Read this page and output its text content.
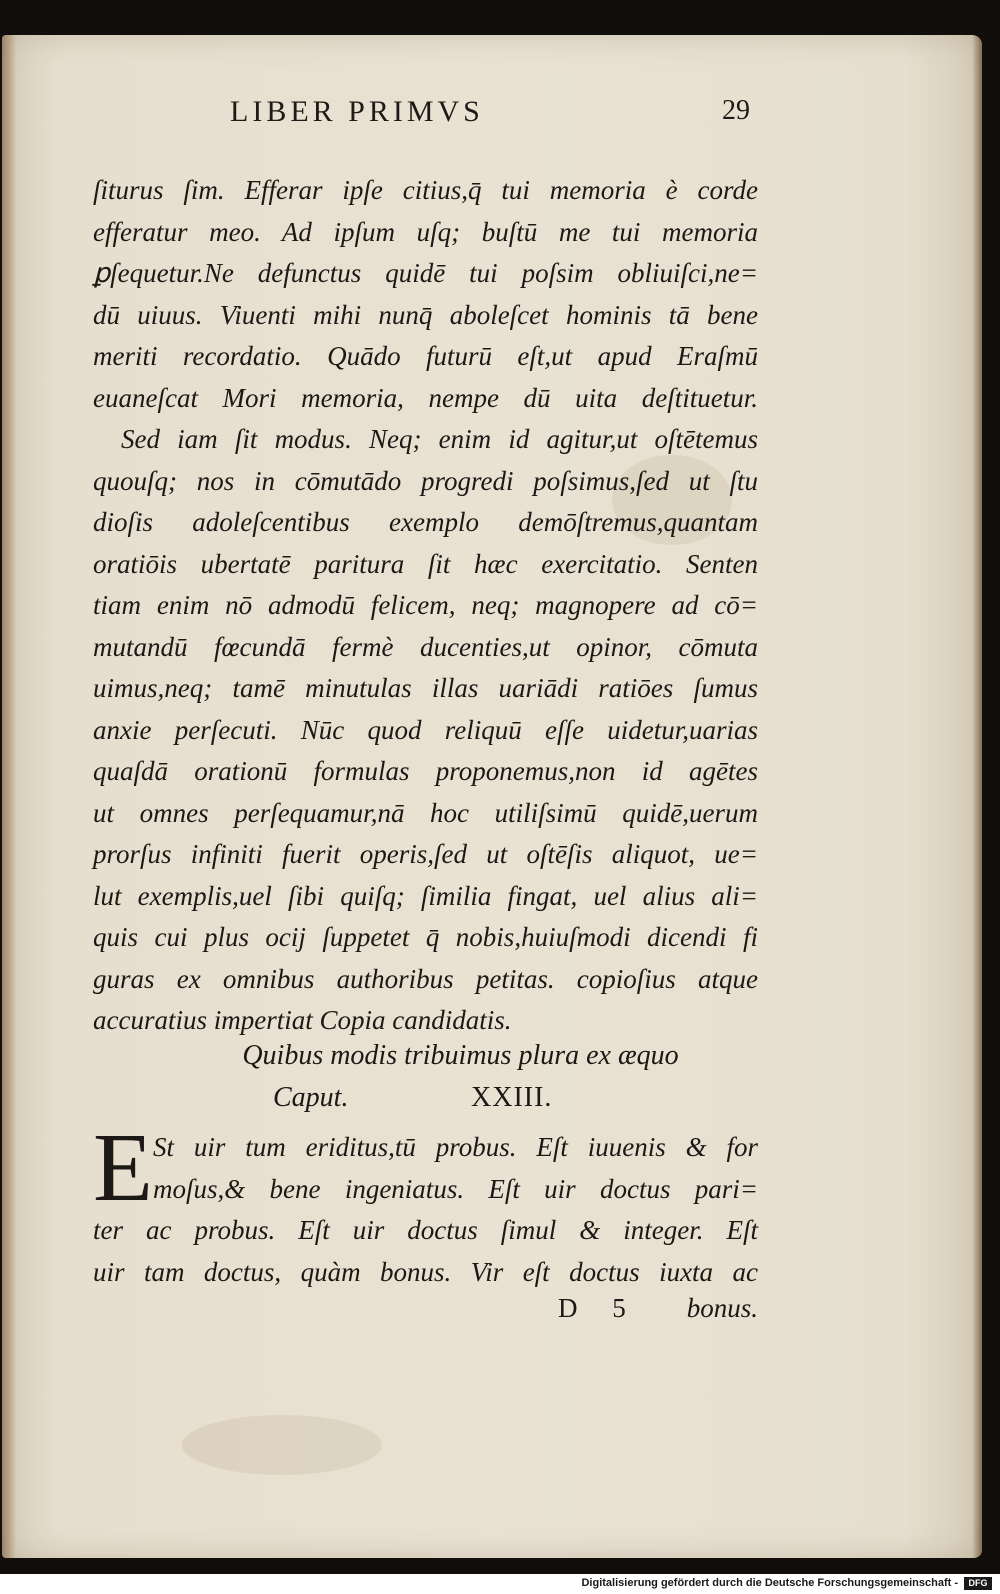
LIBER PRIMVS	29
ſiturus ſim. Efferar ipſe citius,q̄ tui memoria è corde
efferatur meo. Ad ipſum uſq; buſtū me tui memoria
ꝑſequetur.Ne defunctus quidē tui poſsim obliuiſci,ne=
dū uiuus. Viuenti mihi nunq̄ aboleſcet hominis tā bene
meriti recordatio. Quādo futurū eſt,ut apud Eraſmū
euaneſcat Mori memoria, nempe dū uita deſtituetur.
Sed iam ſit modus. Neq; enim id agitur,ut oſtētemus
quouſq; nos in cōmutādo progredi poſsimus,ſed ut ſtu
dioſis adoleſcentibus exemplo demōſtremus,quantam
oratiōis ubertatē paritura ſit hæc exercitatio. Senten
tiam enim nō admodū felicem, neq; magnopere ad cō=
mutandū fœcundā fermè ducenties,ut opinor, cōmuta
uimus,neq; tamē minutulas illas uariādi ratiōes ſumus
anxie perſecuti. Nūc quod reliquū eſſe uidetur,uarias
quaſdā orationū formulas proponemus,non id agētes
ut omnes perſequamur,nā hoc utiliſsimū quidē,uerum
prorſus infiniti fuerit operis,ſed ut oſtēſis aliquot, ue=
lut exemplis,uel ſibi quiſq; ſimilia fingat, uel alius ali=
quis cui plus ocij ſuppetet q̄ nobis,huiuſmodi dicendi fi
guras ex omnibus authoribus petitas. copioſius atque
accuratius impertiat Copia candidatis.
Quibus modis tribuimus plura ex æquo
Caput.	XXIII.
E St uir tum eriditus,tū probus. Eſt iuuenis & for
moſus,& bene ingeniatus. Eſt uir doctus pari=
ter ac probus. Eſt uir doctus ſimul & integer. Eſt
uir tam doctus, quàm bonus. Vir eſt doctus iuxta ac
D 5 bonus.
Digitalisierung gefördert durch die Deutsche Forschungsgemeinschaft -	DFG
